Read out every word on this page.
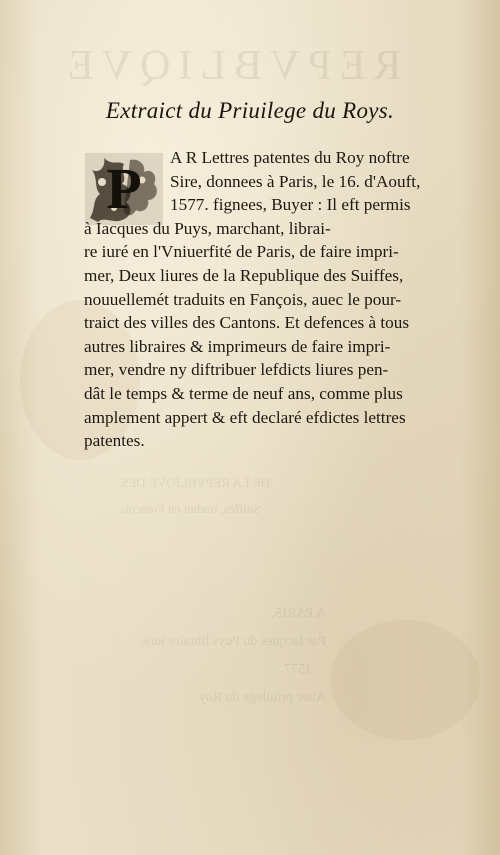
REPVBLIQVE
DE LA REPVBLIQVE DES
Suiffes, traduit en Francois
A PARIS,
Par Iacques du Puys libraire iuré,
1577.
Auec priuilege du Roy.
Extraict du Priuilege du Roys.
P	A R Lettres patentes du Roy noftre
Sire, donnees à Paris, le 16. d'Aouft,
1577. fignees, Buyer : Il eft permis
à Iacques du Puys, marchant, librai-
re iuré en l'Vniuerfité de Paris, de faire impri-
mer, Deux liures de la Republique des Suiffes,
nouuellemét traduits en Fançois, auec le pour-
traict des villes des Cantons. Et defences à tous
autres libraires & imprimeurs de faire impri-
mer, vendre ny diftribuer lefdicts liures pen-
dât le temps & terme de neuf ans, comme plus
amplement appert & eft declaré efdictes lettres
patentes.
